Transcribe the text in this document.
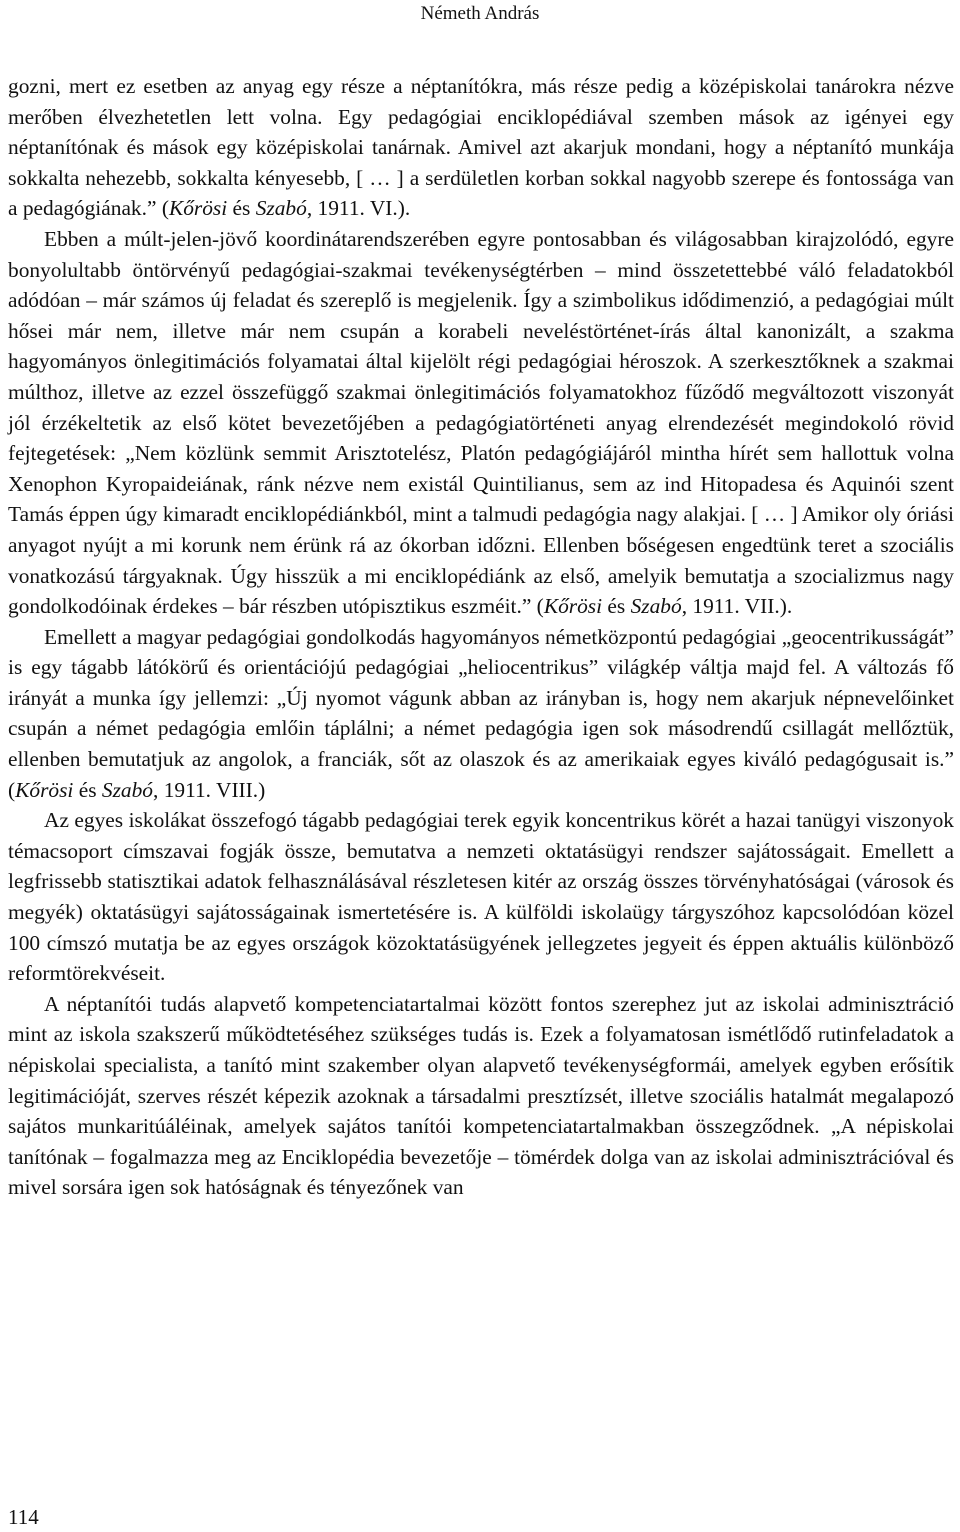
Németh András

gozni, mert ez esetben az anyag egy része a néptanítókra, más része pedig a középiskolai tanárokra nézve merőben élvezhetetlen lett volna. Egy pedagógiai enciklopédiával szemben mások az igényei egy néptanítónak és mások egy középiskolai tanárnak. Amivel azt akarjuk mondani, hogy a néptanító munkája sokkalta nehezebb, sokkalta kényesebb, [ … ] a serdületlen korban sokkal nagyobb szerepe és fontossága van a pedagógiának.” (Kőrösi és Szabó, 1911. VI.).

Ebben a múlt-jelen-jövő koordinátarendszerében egyre pontosabban és világosabban kirajzolódó, egyre bonyolultabb öntörvényű pedagógiai-szakmai tevékenységtérben – mind összetettebbé váló feladatokból adódóan – már számos új feladat és szereplő is megjelenik. Így a szimbolikus idődimenzió, a pedagógiai múlt hősei már nem, illetve már nem csupán a korabeli neveléstörténet-írás által kanonizált, a szakma hagyományos önlegitimációs folyamatai által kijelölt régi pedagógiai héroszok. A szerkesztőknek a szakmai múlthoz, illetve az ezzel összefüggő szakmai önlegitimációs folyamatokhoz fűződő megváltozott viszonyát jól érzékeltetik az első kötet bevezetőjében a pedagógiatörténeti anyag elrendezését megindokoló rövid fejtegetések: „Nem közlünk semmit Arisztotelész, Platón pedagógiájáról mintha hírét sem hallottuk volna Xenophon Kyropaideiának, ránk nézve nem existál Quintilianus, sem az ind Hitopadesa és Aquinói szent Tamás éppen úgy kimaradt enciklopédiánkból, mint a talmudi pedagógia nagy alakjai. [ … ] Amikor oly óriási anyagot nyújt a mi korunk nem érünk rá az ókorban időzni. Ellenben bőségesen engedtünk teret a szociális vonatkozású tárgyaknak. Úgy hisszük a mi enciklopédiánk az első, amelyik bemutatja a szocializmus nagy gondolkodóinak érdekes – bár részben utópisztikus eszméit.” (Kőrösi és Szabó, 1911. VII.).

Emellett a magyar pedagógiai gondolkodás hagyományos németközpontú pedagógiai „geocentrikusságát” is egy tágabb látókörű és orientációjú pedagógiai „heliocentrikus” világkép váltja majd fel. A változás fő irányát a munka így jellemzi: „Új nyomot vágunk abban az irányban is, hogy nem akarjuk népnevelőinket csupán a német pedagógia emlőin táplálni; a német pedagógia igen sok másodrendű csillagát mellőztük, ellenben bemutatjuk az angolok, a franciák, sőt az olaszok és az amerikaiak egyes kiváló pedagógusait is.” (Kőrösi és Szabó, 1911. VIII.)

Az egyes iskolákat összefogó tágabb pedagógiai terek egyik koncentrikus körét a hazai tanügyi viszonyok témacsoport címszavai fogják össze, bemutatva a nemzeti oktatásügyi rendszer sajátosságait. Emellett a legfrissebb statisztikai adatok felhasználásával részletesen kitér az ország összes törvényhatóságai (városok és megyék) oktatásügyi sajátosságainak ismertetésére is. A külföldi iskolaügy tárgyszóhoz kapcsolódóan közel 100 címszó mutatja be az egyes országok közoktatásügyének jellegzetes jegyeit és éppen aktuális különböző reformtörekvéseit.

A néptanítói tudás alapvető kompetenciatartalmai között fontos szerephez jut az iskolai adminisztráció mint az iskola szakszerű működtetéséhez szükséges tudás is. Ezek a folyamatosan ismétlődő rutinfeladatok a népiskolai specialista, a tanító mint szakember olyan alapvető tevékenységformái, amelyek egyben erősítik legitimációját, szerves részét képezik azoknak a társadalmi presztízsét, illetve szociális hatalmát megalapozó sajátos munkaritúáléinak, amelyek sajátos tanítói kompetenciatartalmakban összegződnek. „A népiskolai tanítónak – fogalmazza meg az Enciklopédia bevezetője – tömérdek dolga van az iskolai adminisztrációval és mivel sorsára igen sok hatóságnak és tényezőnek van

114
